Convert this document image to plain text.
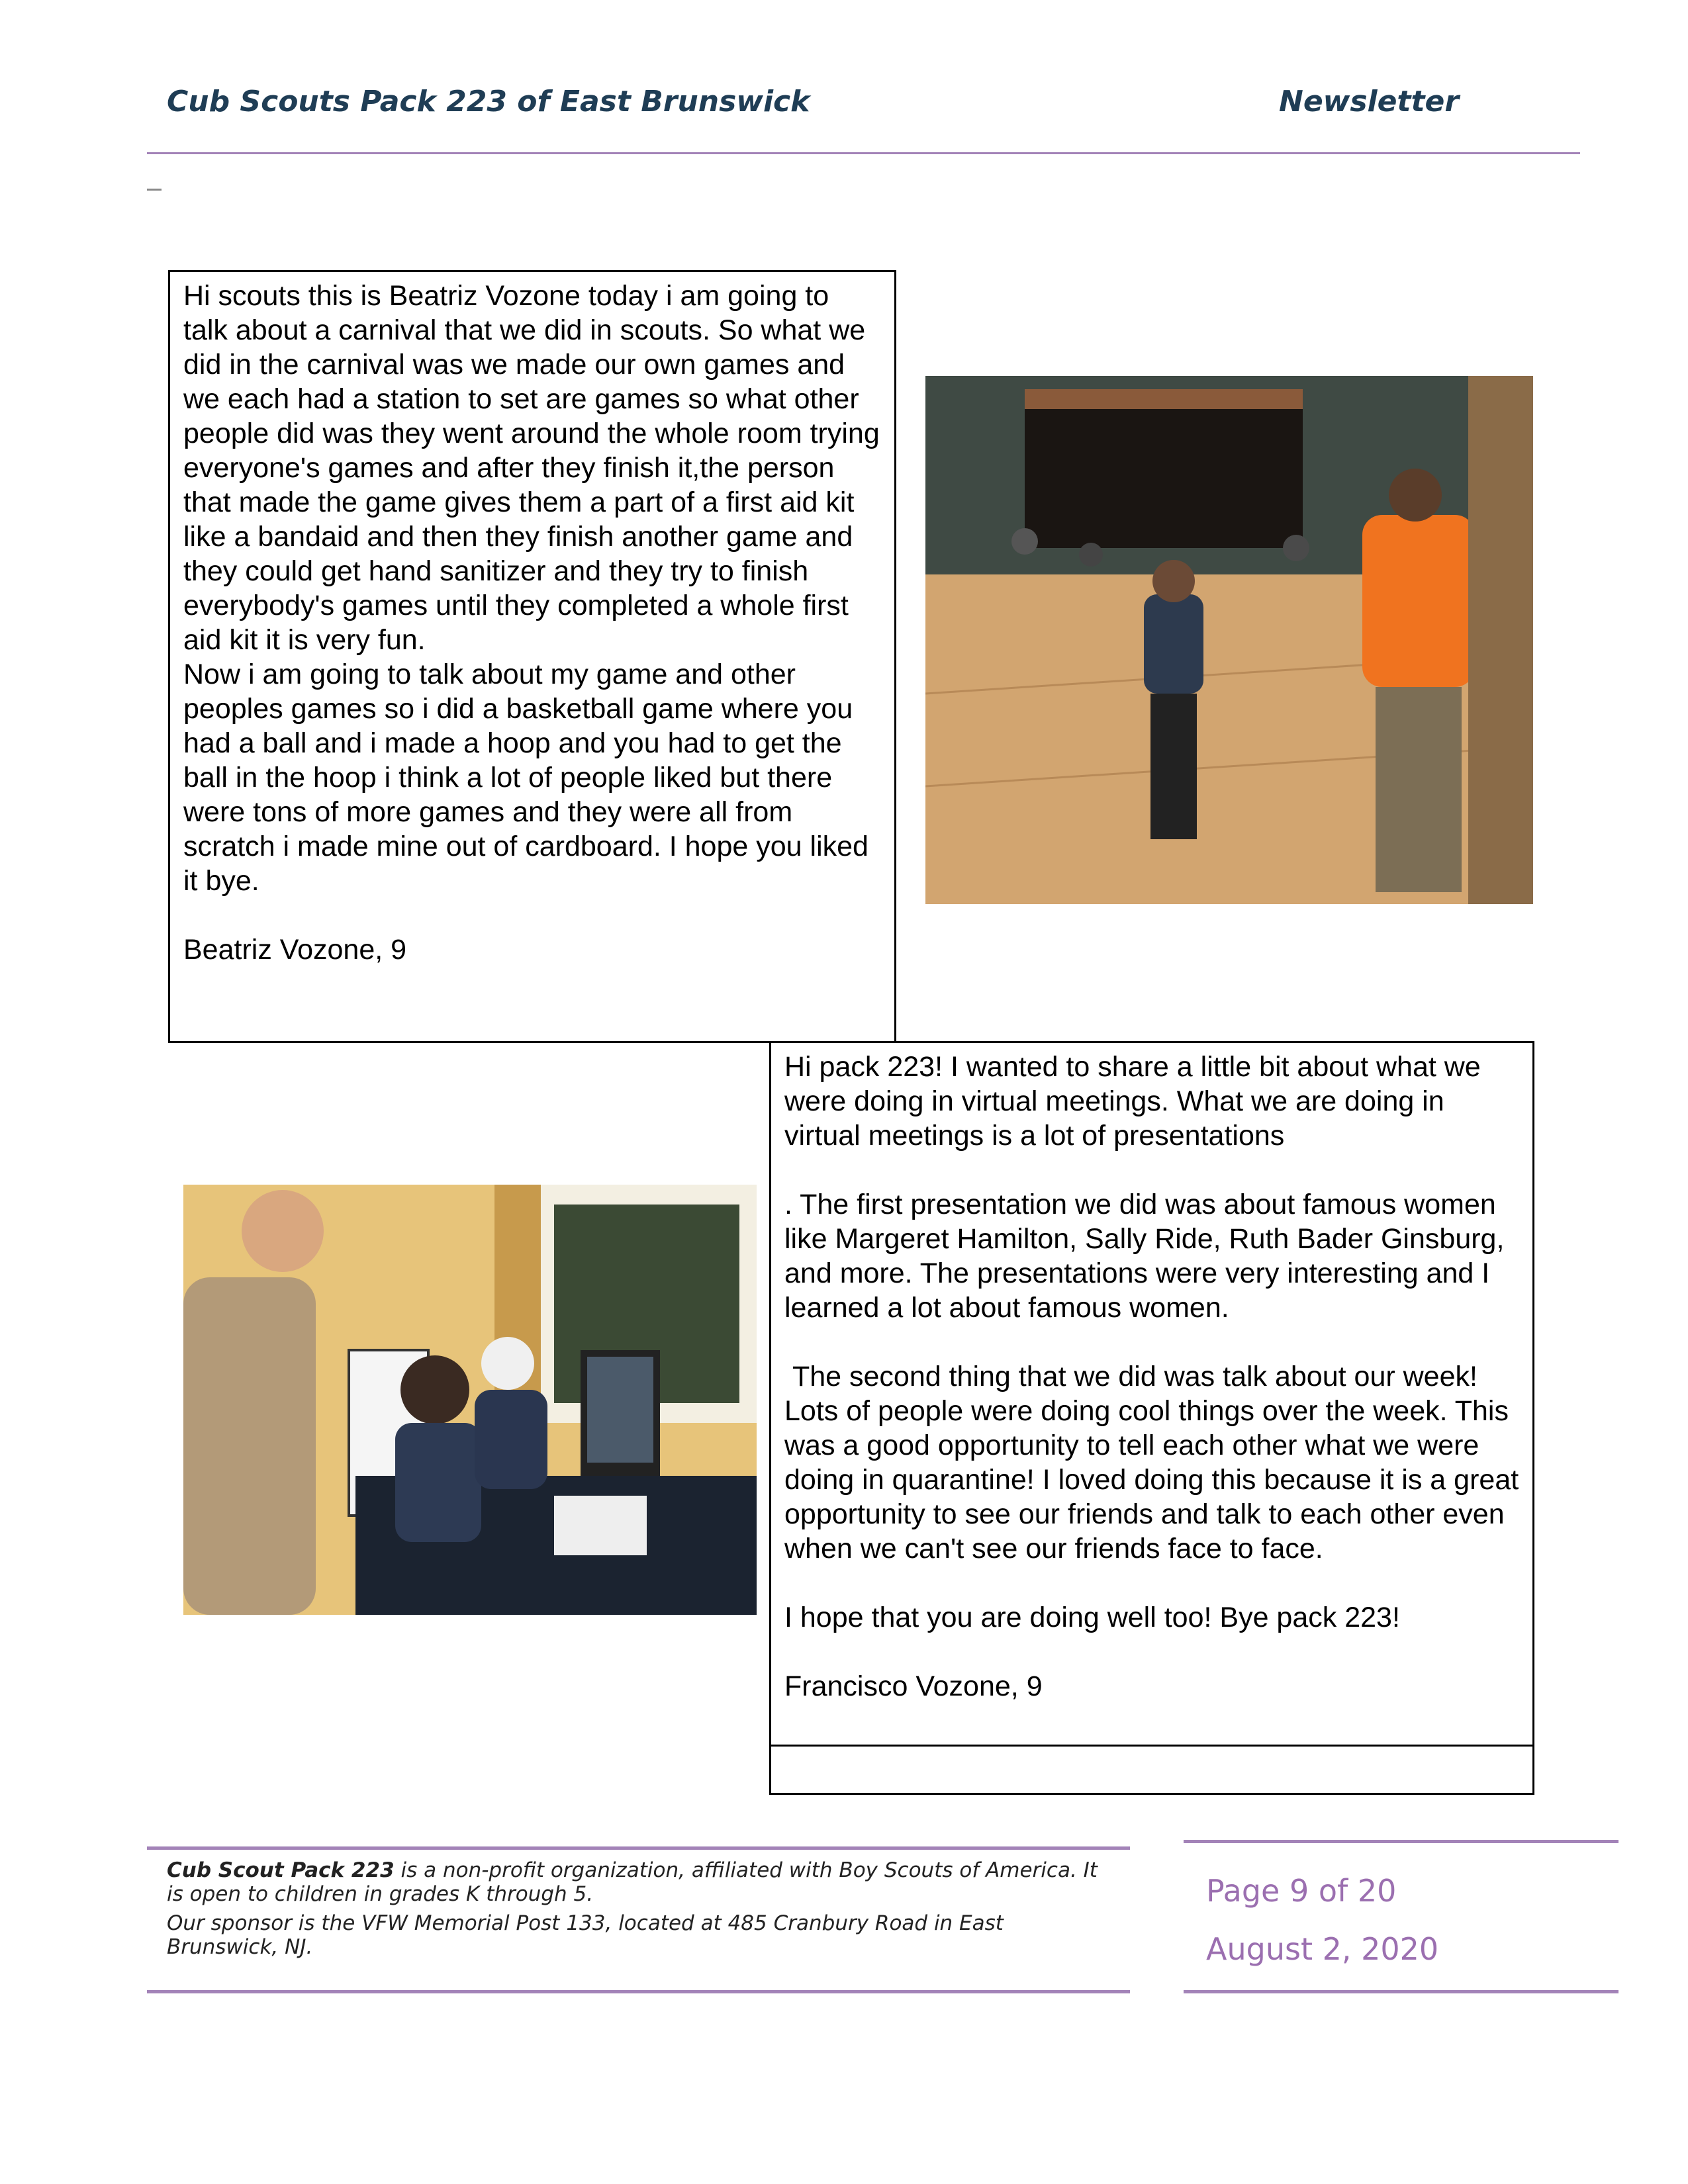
Cub Scouts Pack 223 of East Brunswick	Newsletter

Hi scouts this is Beatriz Vozone today i am going to talk about a carnival that we did in scouts. So what we did in the carnival was we made our own games and we each had a station to set are games so what other people did was they went around the whole room trying everyone's games and after they finish it,the person that made the game gives them a part of a first aid kit like a bandaid and then they finish another game and they could get hand sanitizer and they try to finish everybody's games until they completed a whole first aid kit it is very fun.

Now i am going to talk about my game and other peoples games so i did a basketball game where you had a ball and i made a hoop and you had to get the ball in the hoop i think a lot of people liked but there were tons of more games and they were all from scratch i made mine out of cardboard. I hope you liked it bye.

Beatriz Vozone, 9

Hi pack 223! I wanted to share a little bit about what we were doing in virtual meetings. What we are doing in virtual meetings is a lot of presentations

. The first presentation we did was about famous women like Margeret Hamilton, Sally Ride, Ruth Bader Ginsburg, and more. The presentations were very interesting and I learned a lot about famous women.

The second thing that we did was talk about our week! Lots of people were doing cool things over the week. This was a good opportunity to tell each other what we were doing in quarantine! I loved doing this because it is a great opportunity to see our friends and talk to each other even when we can't see our friends face to face.

I hope that you are doing well too! Bye pack 223!

Francisco Vozone, 9

Cub Scout Pack 223 is a non-profit organization, affiliated with Boy Scouts of America. It is open to children in grades K through 5.

Our sponsor is the VFW Memorial Post 133, located at 485 Cranbury Road in East Brunswick, NJ.

Page 9 of 20
August 2, 2020
